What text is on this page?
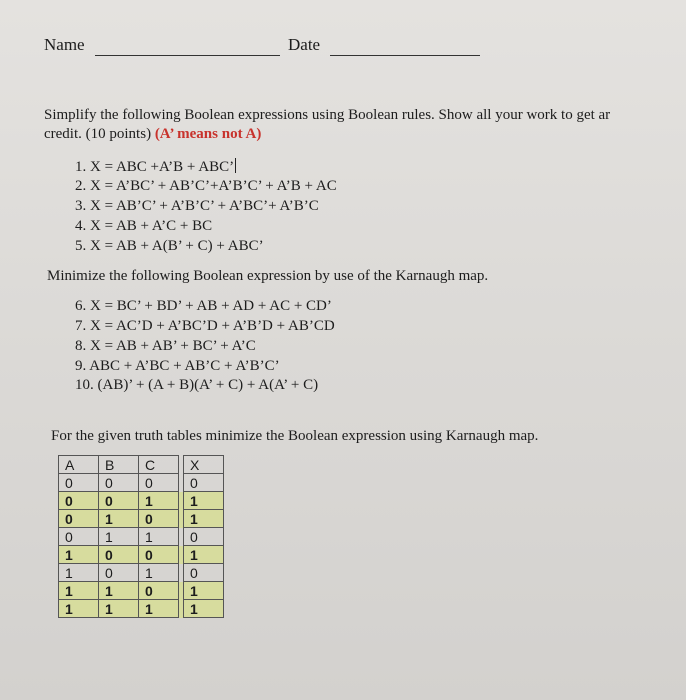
Name	Date
Simplify the following Boolean expressions using Boolean rules. Show all your work to get ar
credit. (10 points) (A’ means not A)
1. X = ABC +A’B + ABC’
2. X = A’BC’ + AB’C’+A’B’C’ + A’B + AC
3. X = AB’C’ + A’B’C’ + A’BC’+ A’B’C
4. X = AB + A’C + BC
5. X = AB + A(B’ + C) + ABC’
Minimize the following Boolean expression by use of the Karnaugh map.
6. X = BC’ + BD’ + AB + AD + AC + CD’
7. X = AC’D + A’BC’D + A’B’D + AB’CD
8. X = AB + AB’ + BC’ + A’C
9. ABC + A’BC + AB’C + A’B’C’
10. (AB)’ + (A + B)(A’ + C) + A(A’ + C)
For the given truth tables minimize the Boolean expression using Karnaugh map.
A	B	C		X
0	0	0		0
0	0	1		1
0	1	0		1
0	1	1		0
1	0	0		1
1	0	1		0
1	1	0		1
1	1	1		1
